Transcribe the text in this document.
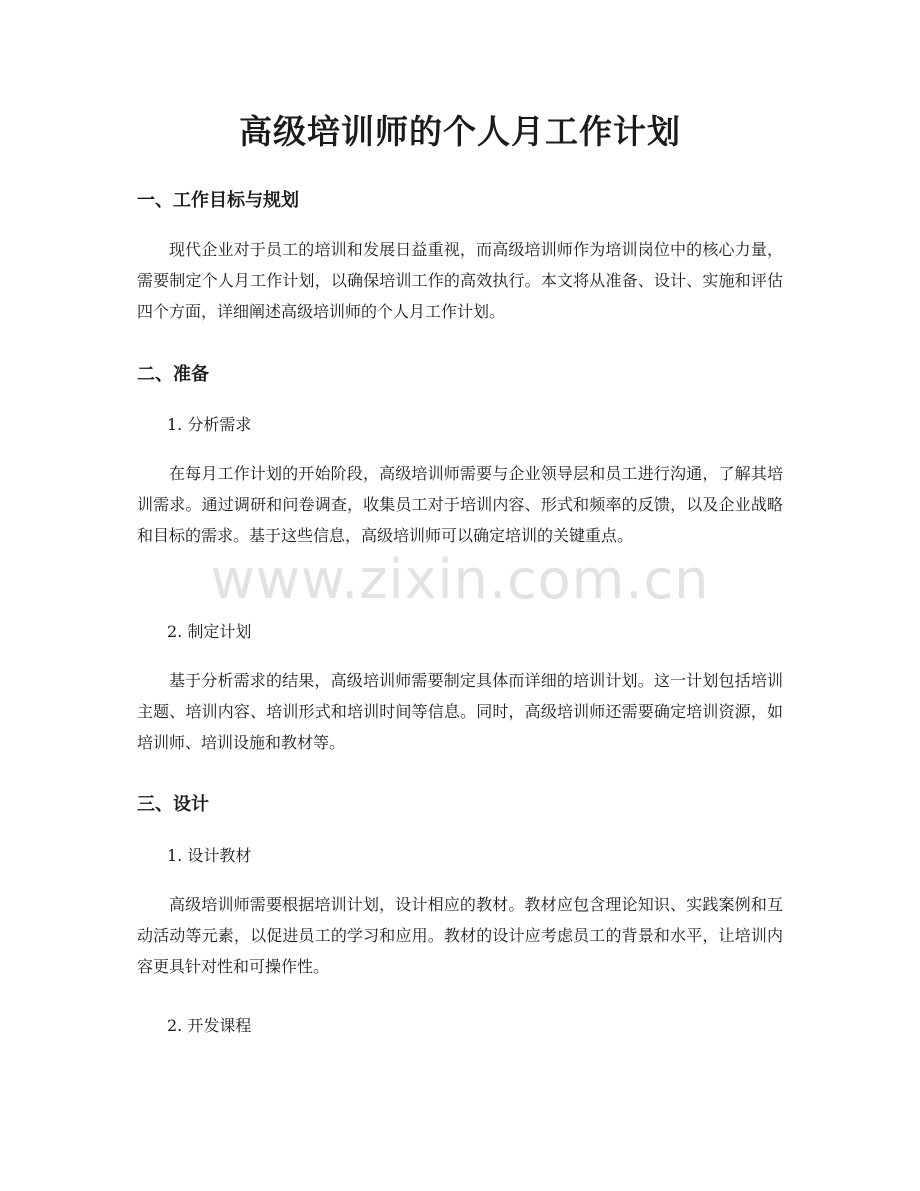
高级培训师的个人月工作计划
一、工作目标与规划

现代企业对于员工的培训和发展日益重视，而高级培训师作为培训岗位中的核心力量，需要制定个人月工作计划，以确保培训工作的高效执行。本文将从准备、设计、实施和评估四个方面，详细阐述高级培训师的个人月工作计划。

二、准备

1. 分析需求

在每月工作计划的开始阶段，高级培训师需要与企业领导层和员工进行沟通，了解其培训需求。通过调研和问卷调查，收集员工对于培训内容、形式和频率的反馈，以及企业战略和目标的需求。基于这些信息，高级培训师可以确定培训的关键重点。

2. 制定计划

基于分析需求的结果，高级培训师需要制定具体而详细的培训计划。这一计划包括培训主题、培训内容、培训形式和培训时间等信息。同时，高级培训师还需要确定培训资源，如培训师、培训设施和教材等。

三、设计

1. 设计教材

高级培训师需要根据培训计划，设计相应的教材。教材应包含理论知识、实践案例和互动活动等元素，以促进员工的学习和应用。教材的设计应考虑员工的背景和水平，让培训内容更具针对性和可操作性。

2. 开发课程

www.zixin.com.cn
